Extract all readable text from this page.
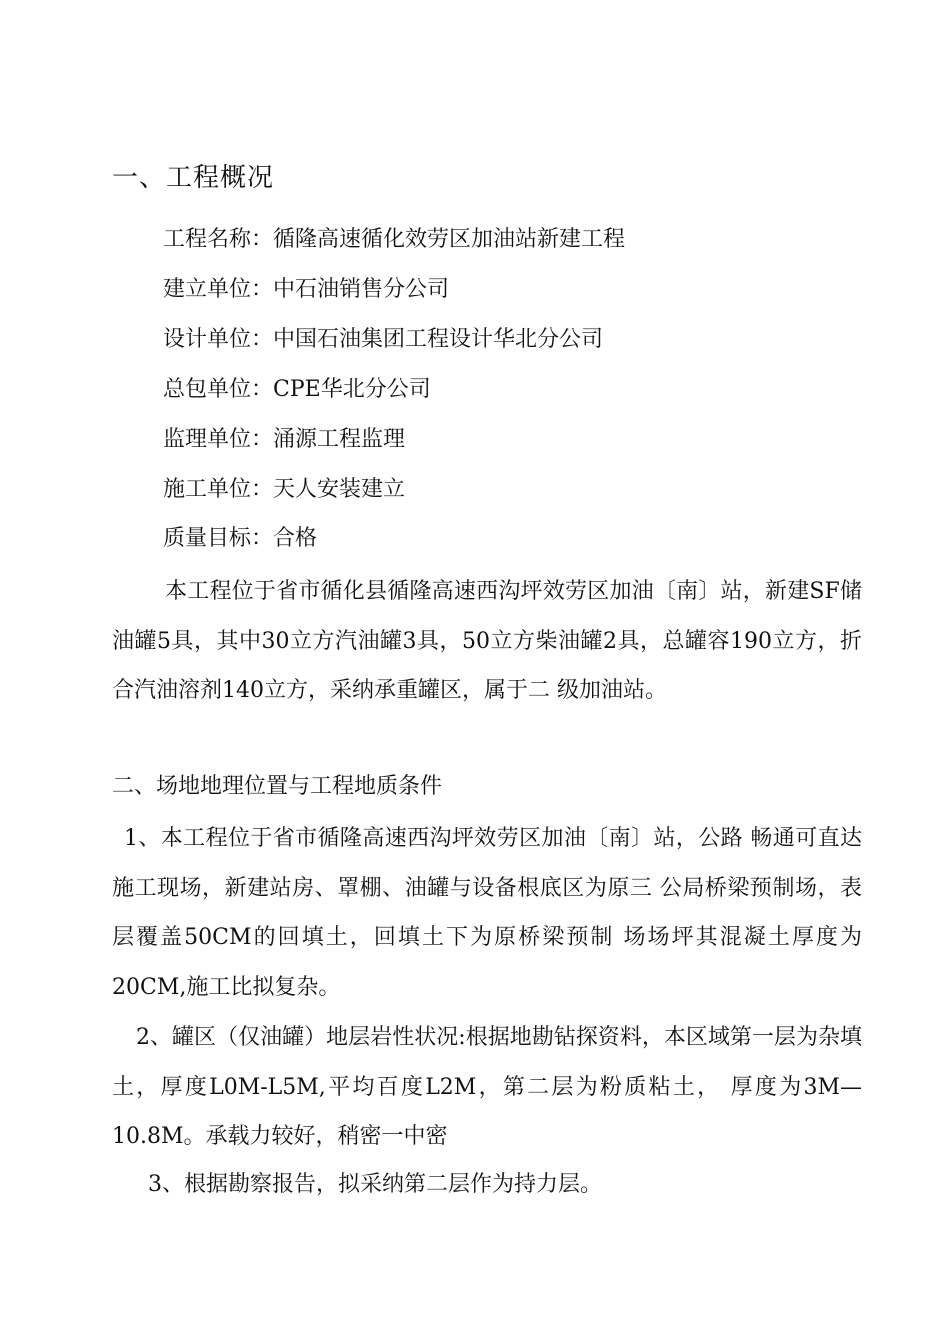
一、工程概况
工程名称：循隆高速循化效劳区加油站新建工程
建立单位：中石油销售分公司
设计单位：中国石油集团工程设计华北分公司
总包单位：CPE华北分公司
监理单位：涌源工程监理
施工单位：天人安装建立
质量目标：合格
本工程位于省市循化县循隆高速西沟坪效劳区加油〔南〕站，新建SF储油罐5具，其中30立方汽油罐3具，50立方柴油罐2具，总罐容190立方，折合汽油溶剂140立方，采纳承重罐区，属于二 级加油站。
二、场地地理位置与工程地质条件
1、本工程位于省市循隆高速西沟坪效劳区加油〔南〕站，公路 畅通可直达施工现场，新建站房、罩棚、油罐与设备根底区为原三 公局桥梁预制场，表层覆盖50CM的回填土，回填土下为原桥梁预制 场场坪其混凝土厚度为20CM,施工比拟复杂。
2、罐区（仅油罐）地层岩性状况:根据地勘钻探资料，本区域第一层为杂填土，厚度L0M-L5M,平均百度L2M，第二层为粉质粘土， 厚度为3M—10.8M。承载力较好，稍密一中密
3、根据勘察报告，拟采纳第二层作为持力层。
